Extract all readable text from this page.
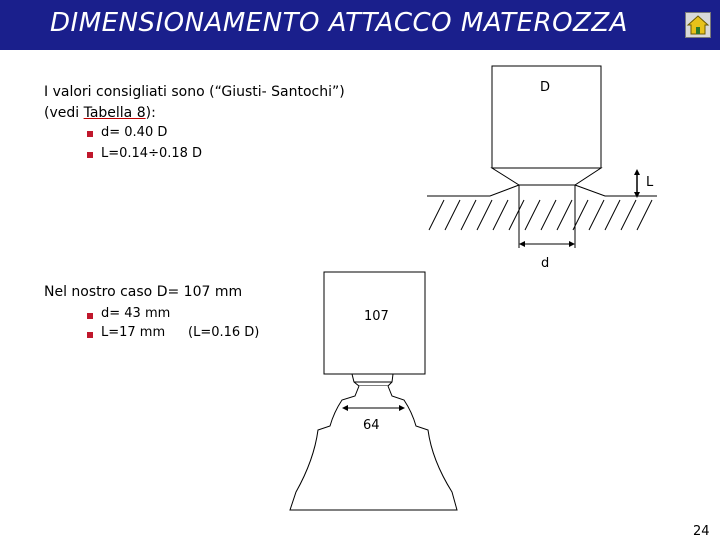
DIMENSIONAMENTO ATTACCO MATEROZZA
I valori consigliati sono (“Giusti- Santochi”)
(vedi Tabella 8):
d= 0.40 D
L=0.14÷0.18 D
Nel nostro caso D= 107 mm
d= 43 mm
L=17 mm (L=0.16 D)
D
L
d
107
64
24
